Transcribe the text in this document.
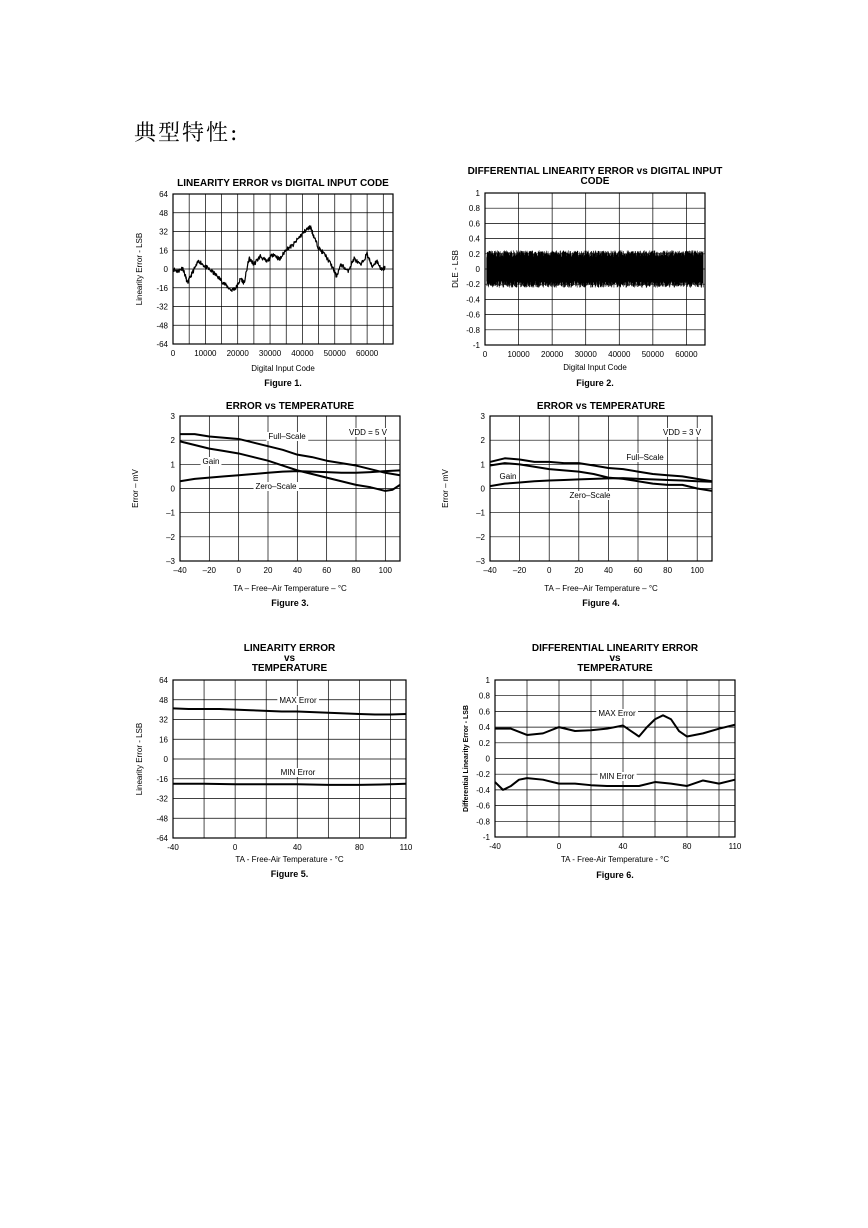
典型特性:
LINEARITY ERROR vs DIGITAL INPUT CODE
0 10000 20000 30000 40000 50000 60000
-64
-48
-32
-16
0
16
32
48
64
Digital Input Code
Linearity Error - LSB
Figure 1.
DIFFERENTIAL LINEARITY ERROR vs DIGITAL INPUT
CODE
0	10000 20000 30000 40000 50000 60000
-1
-0.8
-0.6
-0.4
-0.2
0
0.2
0.4
0.6
0.8
1
Digital Input Code
DLE - LSB
Figure 2.
ERROR vs TEMPERATURE
–40 –20	0	20	40	60	80 100
–3
–2
–1
0
1
2
3
TA – Free–Air Temperature – °C
Error – mV
Figure 3.
VDD = 5 V
Full–Scale
Gain
Zero–Scale
ERROR vs TEMPERATURE
–40 –20	0	20	40	60	80 100
–3
–2
–1
0
1
2
3
TA – Free–Air Temperature – °C
Error – mV
Figure 4.
VDD = 3 V
Full–Scale
Gain
Zero–Scale
LINEARITY ERROR
vs
TEMPERATURE
-40	0	40	80	110
-64
-48
-32
-16
0
16
32
48
64
TA - Free-Air Temperature - °C
Linearity Error - LSB
Figure 5.
MAX Error
MIN Error
DIFFERENTIAL LINEARITY ERROR
vs
TEMPERATURE
-40	0	40	80	110
-1
-0.8
-0.6
-0.4
-0.2
0
0.2
0.4
0.6
0.8
1
TA - Free-Air Temperature - °C
Differential Linearity Error - LSB
Figure 6.
MAX Error
MIN Error
